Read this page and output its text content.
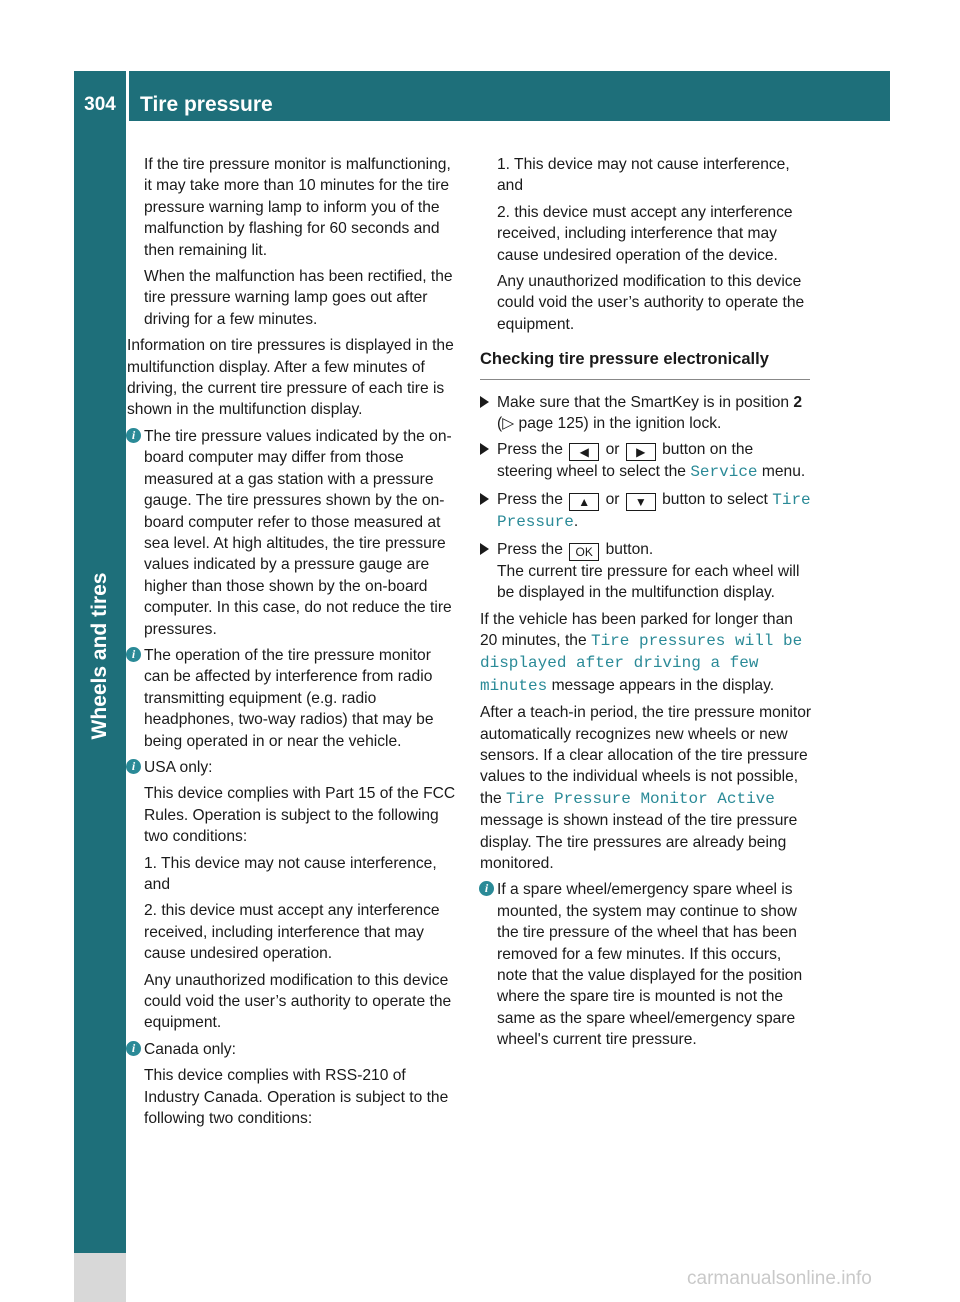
304	Tire pressure
Wheels and tires

If the tire pressure monitor is malfunctioning, it may take more than 10 minutes for the tire pressure warning lamp to inform you of the malfunction by flashing for 60 seconds and then remaining lit.

When the malfunction has been rectified, the tire pressure warning lamp goes out after driving for a few minutes.

Information on tire pressures is displayed in the multifunction display. After a few minutes of driving, the current tire pressure of each tire is shown in the multifunction display.

i The tire pressure values indicated by the on-board computer may differ from those measured at a gas station with a pressure gauge. The tire pressures shown by the on-board computer refer to those measured at sea level. At high altitudes, the tire pressure values indicated by a pressure gauge are higher than those shown by the on-board computer. In this case, do not reduce the tire pressures.

i The operation of the tire pressure monitor can be affected by interference from radio transmitting equipment (e.g. radio headphones, two-way radios) that may be being operated in or near the vehicle.

i USA only:

This device complies with Part 15 of the FCC Rules. Operation is subject to the following two conditions:

1. This device may not cause interference, and

2. this device must accept any interference received, including interference that may cause undesired operation.

Any unauthorized modification to this device could void the user’s authority to operate the equipment.

i Canada only:

This device complies with RSS-210 of Industry Canada. Operation is subject to the following two conditions:

1. This device may not cause interference, and

2. this device must accept any interference received, including interference that may cause undesired operation of the device.

Any unauthorized modification to this device could void the user’s authority to operate the equipment.

Checking tire pressure electronically
Make sure that the SmartKey is in position 2 (▷ page 125) in the ignition lock.
Press the ◀ or ▶ button on the steering wheel to select the Service menu.
Press the ▲ or ▼ button to select Tire Pressure.
Press the OK button.
The current tire pressure for each wheel will be displayed in the multifunction display.

If the vehicle has been parked for longer than 20 minutes, the Tire pressures will be displayed after driving a few minutes message appears in the display.

After a teach-in period, the tire pressure monitor automatically recognizes new wheels or new sensors. If a clear allocation of the tire pressure values to the individual wheels is not possible, the Tire Pressure Monitor Active message is shown instead of the tire pressure display. The tire pressures are already being monitored.

i If a spare wheel/emergency spare wheel is mounted, the system may continue to show the tire pressure of the wheel that has been removed for a few minutes. If this occurs, note that the value displayed for the position where the spare tire is mounted is not the same as the spare wheel/emergency spare wheel's current tire pressure.

carmanualsonline.info
